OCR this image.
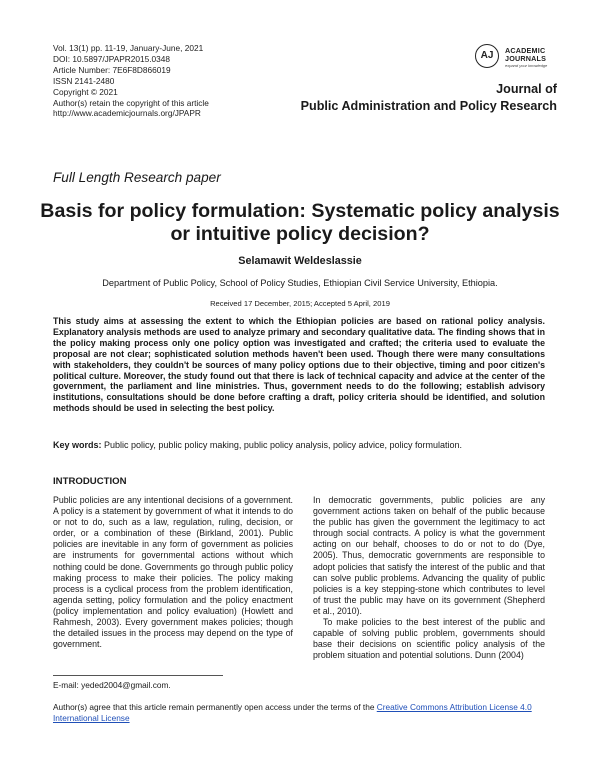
Vol. 13(1) pp. 11-19, January-June, 2021
DOI: 10.5897/JPAPR2015.0348
Article Number: 7E6F8D866019
ISSN 2141-2480
Copyright © 2021
Author(s) retain the copyright of this article
http://www.academicjournals.org/JPAPR
AJ	ACADEMIC
JOURNALS
expand your knowledge
Journal of
Public Administration and Policy Research
Full Length Research paper
Basis for policy formulation: Systematic policy analysis
or intuitive policy decision?
Selamawit Weldeslassie
Department of Public Policy, School of Policy Studies, Ethiopian Civil Service University, Ethiopia.
Received 17 December, 2015; Accepted 5 April, 2019
This study aims at assessing the extent to which the Ethiopian policies are based on rational policy analysis. Explanatory analysis methods are used to analyze primary and secondary qualitative data. The finding shows that in the policy making process only one policy option was investigated and crafted; the criteria used to evaluate the proposal are not clear; sophisticated solution methods haven't been used. Though there were many consultations with stakeholders, they couldn't be sources of many policy options due to their objective, timing and poor citizen's political culture. Moreover, the study found out that there is lack of technical capacity and advice at the center of the government, the parliament and line ministries. Thus, government needs to do the following; establish advisory institutions, consultations should be done before crafting a draft, policy criteria should be identified, and solution methods should be used in selecting the best policy.
Key words: Public policy, public policy making, public policy analysis, policy advice, policy formulation.
INTRODUCTION

Public policies are any intentional decisions of a government. A policy is a statement by government of what it intends to do or not to do, such as a law, regulation, ruling, decision, or order, or a combination of these (Birkland, 2001). Public policies are inevitable in any form of government as policies are instruments for governmental actions without which nothing could be done. Governments go through public policy making process to make their policies. The policy making process is a cyclical process from the problem identification, agenda setting, policy formulation and the policy enactment (policy implementation and policy evaluation) (Howlett and Rahmesh, 2003). Every government makes policies; though the detailed issues in the process may depend on the type of government.

In democratic governments, public policies are any government actions taken on behalf of the public because the public has given the government the legitimacy to act through social contracts. A policy is what the government acting on our behalf, chooses to do or not to do (Dye, 2005). Thus, democratic governments are responsible to adopt policies that satisfy the interest of the public and that can solve public problems. Advancing the quality of public policies is a key stepping-stone which contributes to level of trust the public may have on its government (Shepherd et al., 2010).

To make policies to the best interest of the public and capable of solving public problem, governments should base their decisions on scientific policy analysis of the problem situation and potential solutions. Dunn (2004)

E-mail: yeded2004@gmail.com.
Author(s) agree that this article remain permanently open access under the terms of the Creative Commons Attribution License 4.0 International License
